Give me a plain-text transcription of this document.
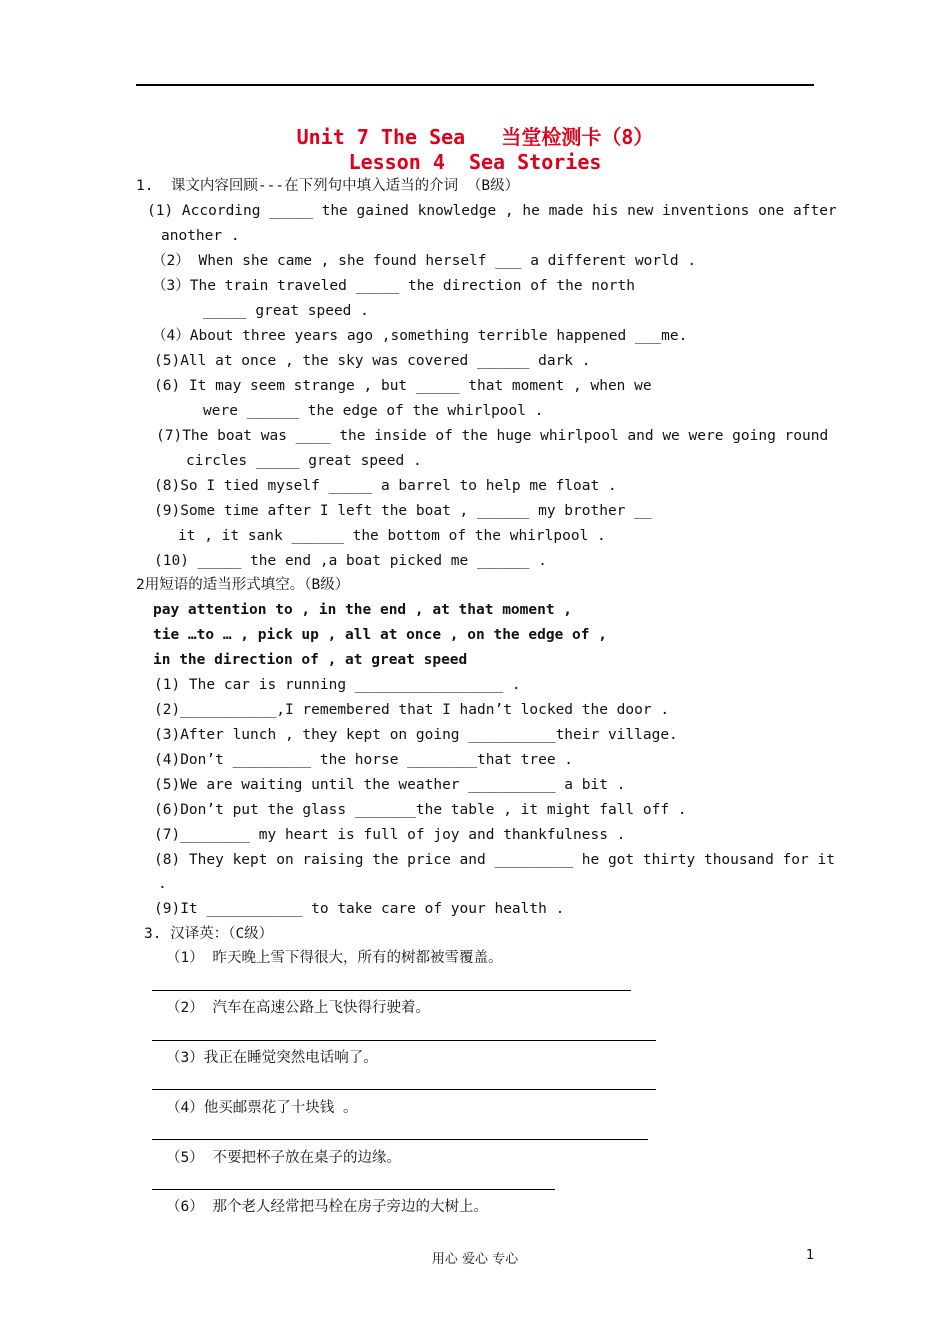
Unit 7 The Sea   当堂检测卡（8）
Lesson 4  Sea Stories
1.  课文内容回顾---在下列句中填入适当的介词 （B级）
(1) According _____ the gained knowledge , he made his new inventions one after
another .
（2） When she came , she found herself ___ a different world .
（3）The train traveled _____ the direction of the north
_____ great speed .
（4）About three years ago ,something terrible happened ___me.
(5)All at once , the sky was covered ______ dark .
(6) It may seem strange , but _____ that moment , when we
were ______ the edge of the whirlpool .
(7)The boat was ____ the inside of the huge whirlpool and we were going round
circles _____ great speed .
(8)So I tied myself _____ a barrel to help me float .
(9)Some time after I left the boat , ______ my brother __
it , it sank ______ the bottom of the whirlpool .
(10) _____ the end ,a boat picked me ______ .
2用短语的适当形式填空。（B级）
pay attention to , in the end , at that moment ,
tie …to … , pick up , all at once , on the edge of ,
in the direction of , at great speed
(1) The car is running _________________ .
(2)___________,I remembered that I hadn’t locked the door .
(3)After lunch , they kept on going __________their village.
(4)Don’t _________ the horse ________that tree .
(5)We are waiting until the weather __________ a bit .
(6)Don’t put the glass _______the table , it might fall off .
(7)________ my heart is full of joy and thankfulness .
(8) They kept on raising the price and _________ he got thirty thousand for it
.
(9)It ___________ to take care of your health .
3. 汉译英：（C级）
（1） 昨天晚上雪下得很大，所有的树都被雪覆盖。
（2） 汽车在高速公路上飞快得行驶着。
（3）我正在睡觉突然电话响了。
（4）他买邮票花了十块钱 。
（5） 不要把杯子放在桌子的边缘。
（6） 那个老人经常把马栓在房子旁边的大树上。
用心 爱心 专心	1
